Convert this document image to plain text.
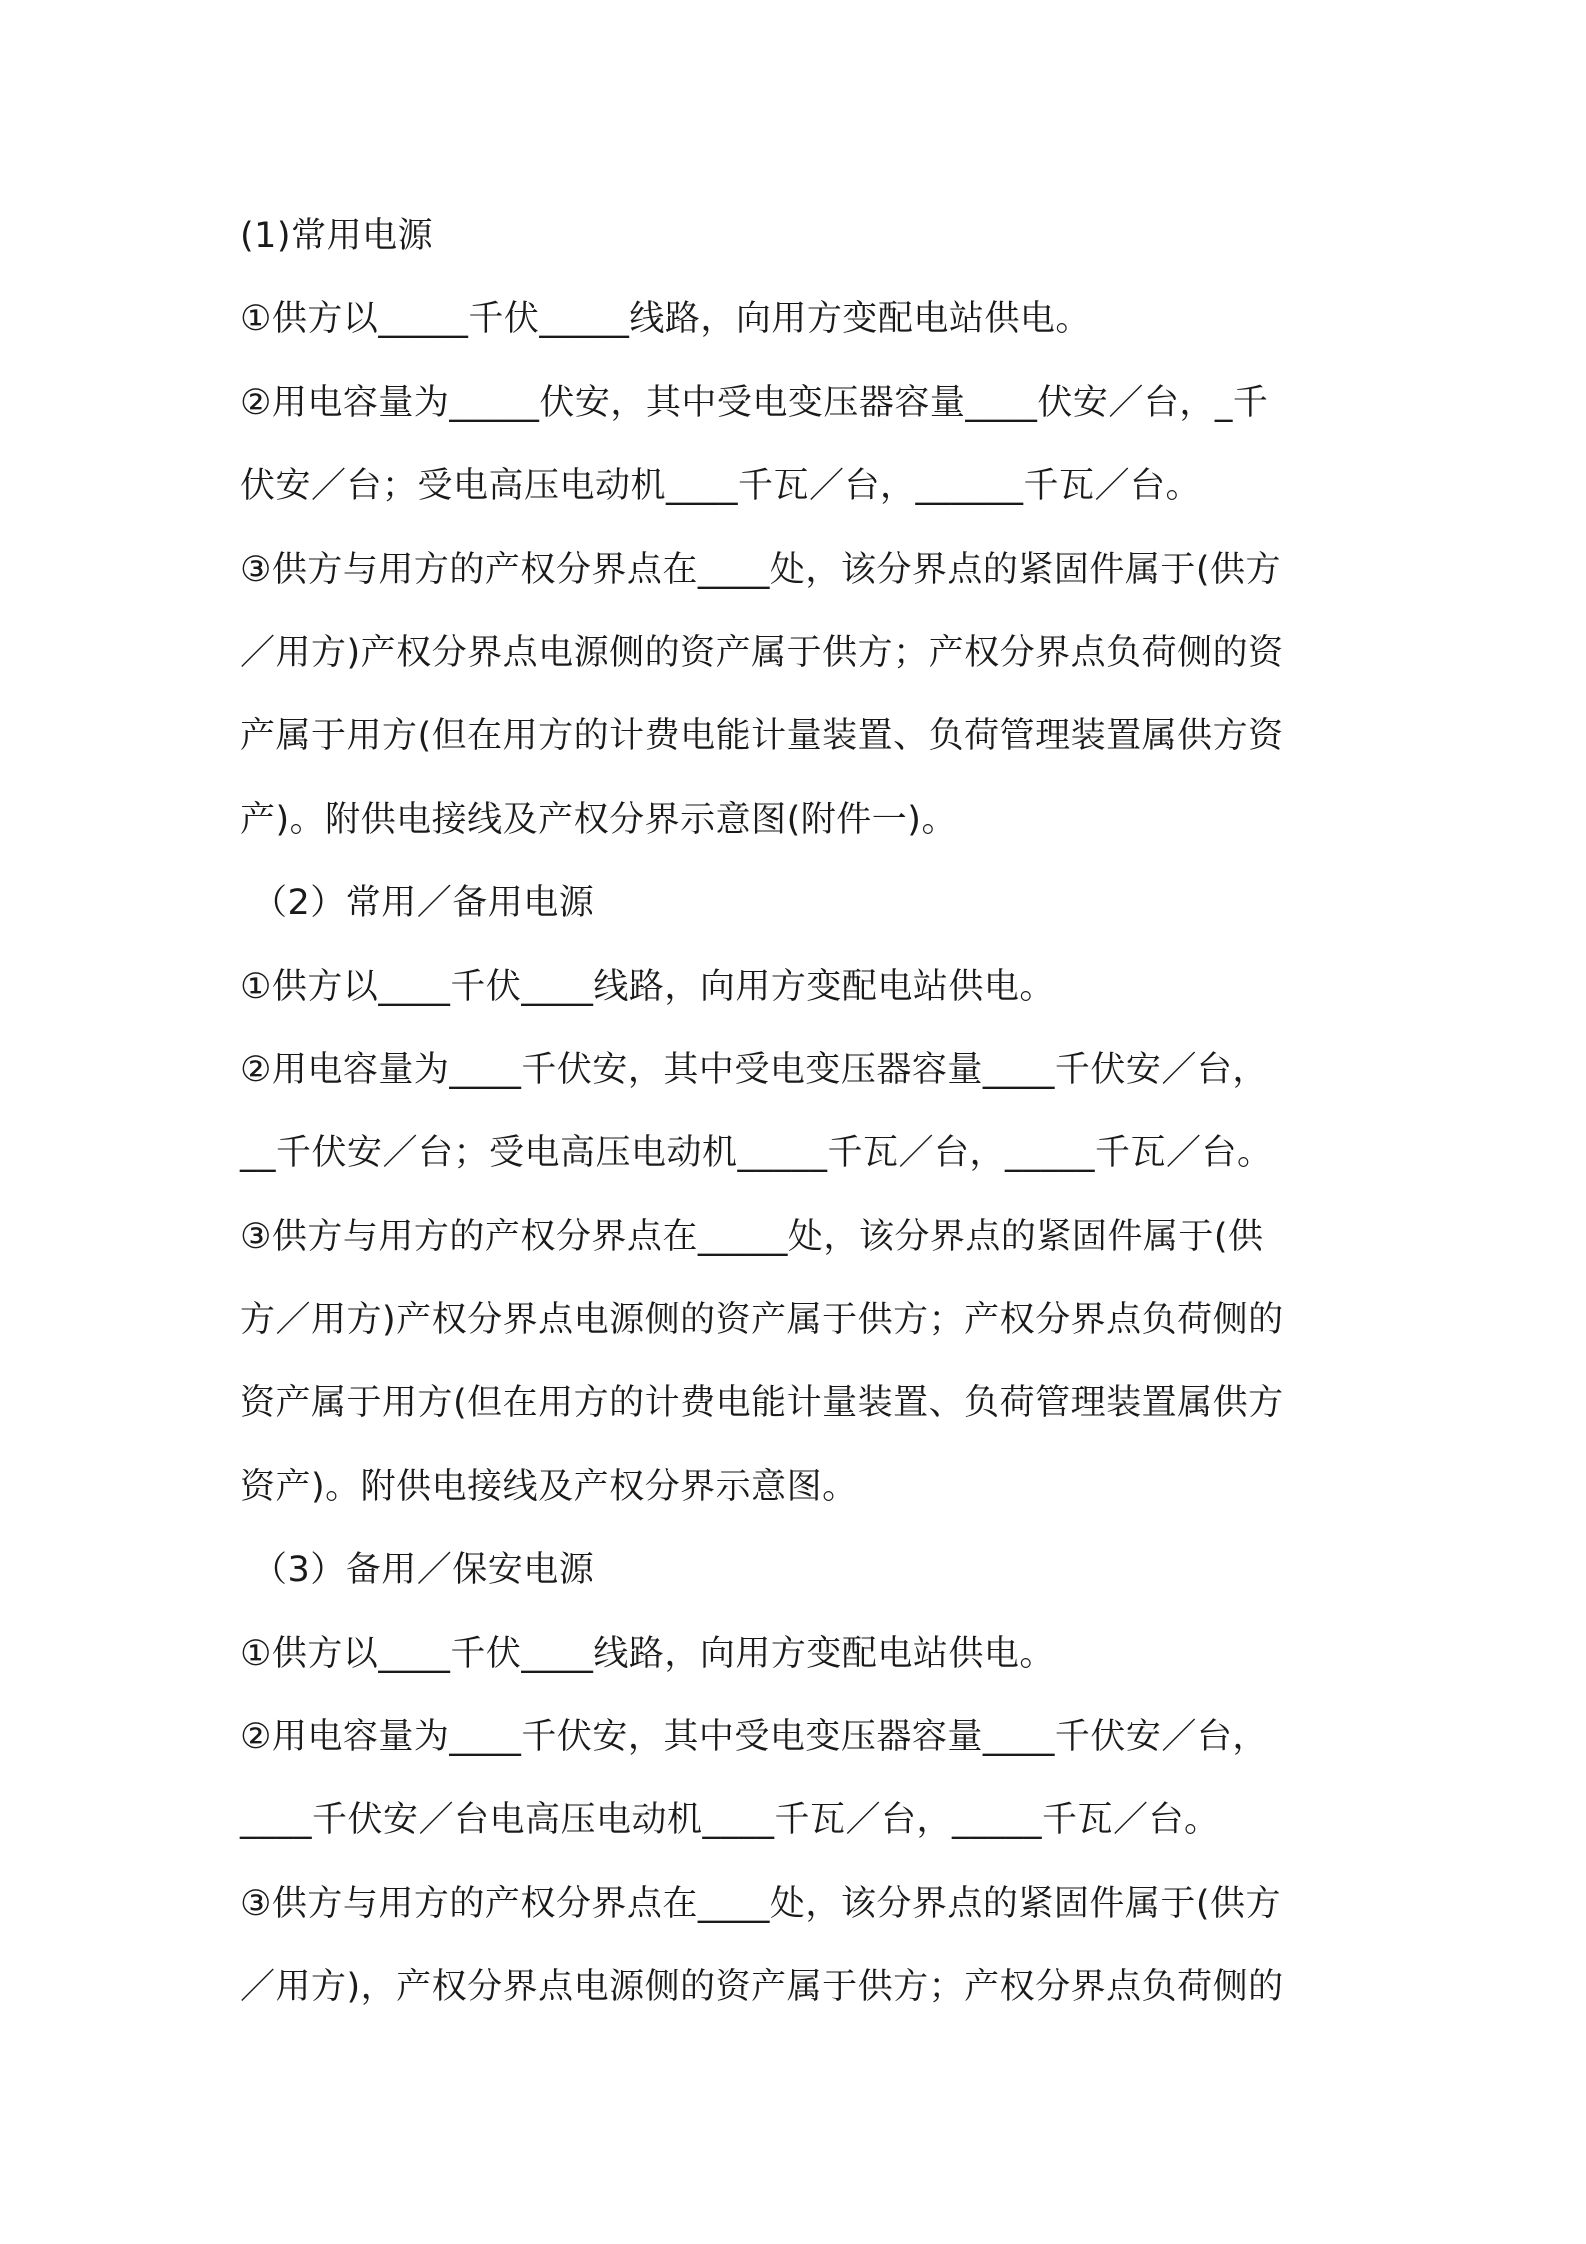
(1)常用电源
①供方以_____千伏_____线路，向用方变配电站供电。
②用电容量为_____伏安，其中受电变压器容量____伏安／台，_千
伏安／台；受电高压电动机____千瓦／台，______千瓦／台。
③供方与用方的产权分界点在____处，该分界点的紧固件属于(供方
／用方)产权分界点电源侧的资产属于供方；产权分界点负荷侧的资
产属于用方(但在用方的计费电能计量装置、负荷管理装置属供方资
产)。附供电接线及产权分界示意图(附件一)。
（2）常用／备用电源
①供方以____千伏____线路，向用方变配电站供电。
②用电容量为____千伏安，其中受电变压器容量____千伏安／台，
__千伏安／台；受电高压电动机_____千瓦／台，_____千瓦／台。
③供方与用方的产权分界点在_____处，该分界点的紧固件属于(供
方／用方)产权分界点电源侧的资产属于供方；产权分界点负荷侧的
资产属于用方(但在用方的计费电能计量装置、负荷管理装置属供方
资产)。附供电接线及产权分界示意图。
（3）备用／保安电源
①供方以____千伏____线路，向用方变配电站供电。
②用电容量为____千伏安，其中受电变压器容量____千伏安／台，
____千伏安／台电高压电动机____千瓦／台，_____千瓦／台。
③供方与用方的产权分界点在____处，该分界点的紧固件属于(供方
／用方)，产权分界点电源侧的资产属于供方；产权分界点负荷侧的
